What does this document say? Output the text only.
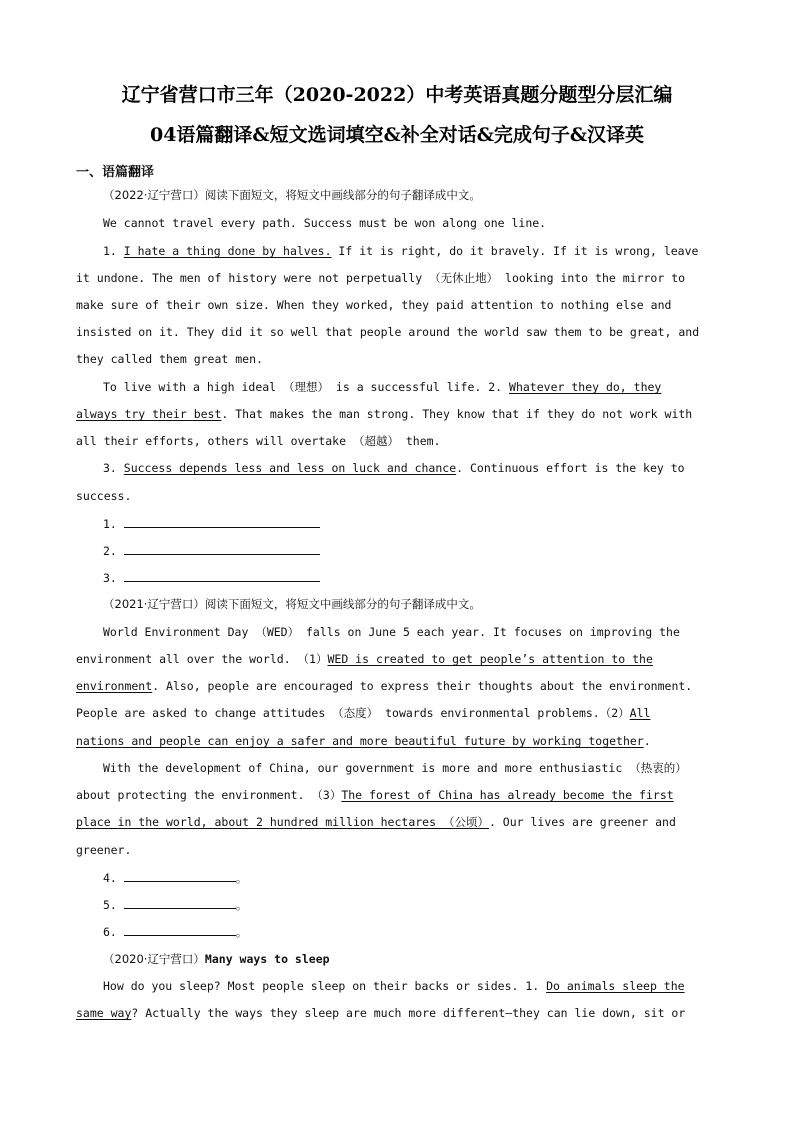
辽宁省营口市三年（2020-2022）中考英语真题分题型分层汇编
04语篇翻译&短文选词填空&补全对话&完成句子&汉译英
一、语篇翻译
（2022·辽宁营口）阅读下面短文，将短文中画线部分的句子翻译成中文。
We cannot travel every path. Success must be won along one line.
1. I hate a thing done by halves. If it is right, do it bravely. If it is wrong, leave
it undone. The men of history were not perpetually （无休止地） looking into the mirror to
make sure of their own size. When they worked, they paid attention to nothing else and
insisted on it. They did it so well that people around the world saw them to be great, and
they called them great men.
To live with a high ideal （理想） is a successful life. 2. Whatever they do, they
always try their best. That makes the man strong. They know that if they do not work with
all their efforts, others will overtake （超越） them.
3. Success depends less and less on luck and chance. Continuous effort is the key to
success.
1.
2.
3.
（2021·辽宁营口）阅读下面短文，将短文中画线部分的句子翻译成中文。
World Environment Day （WED） falls on June 5 each year. It focuses on improving the
environment all over the world. （1）WED is created to get people’s attention to the
environment. Also, people are encouraged to express their thoughts about the environment.
People are asked to change attitudes （态度） towards environmental problems.（2）All
nations and people can enjoy a safer and more beautiful future by working together.
With the development of China, our government is more and more enthusiastic （热衷的）
about protecting the environment. （3）The forest of China has already become the first
place in the world, about 2 hundred million hectares （公顷）. Our lives are greener and
greener.
4.	。
5.	。
6.	。
（2020·辽宁营口）Many ways to sleep
How do you sleep? Most people sleep on their backs or sides. 1. Do animals sleep the
same way? Actually the ways they sleep are much more different—they can lie down, sit or
